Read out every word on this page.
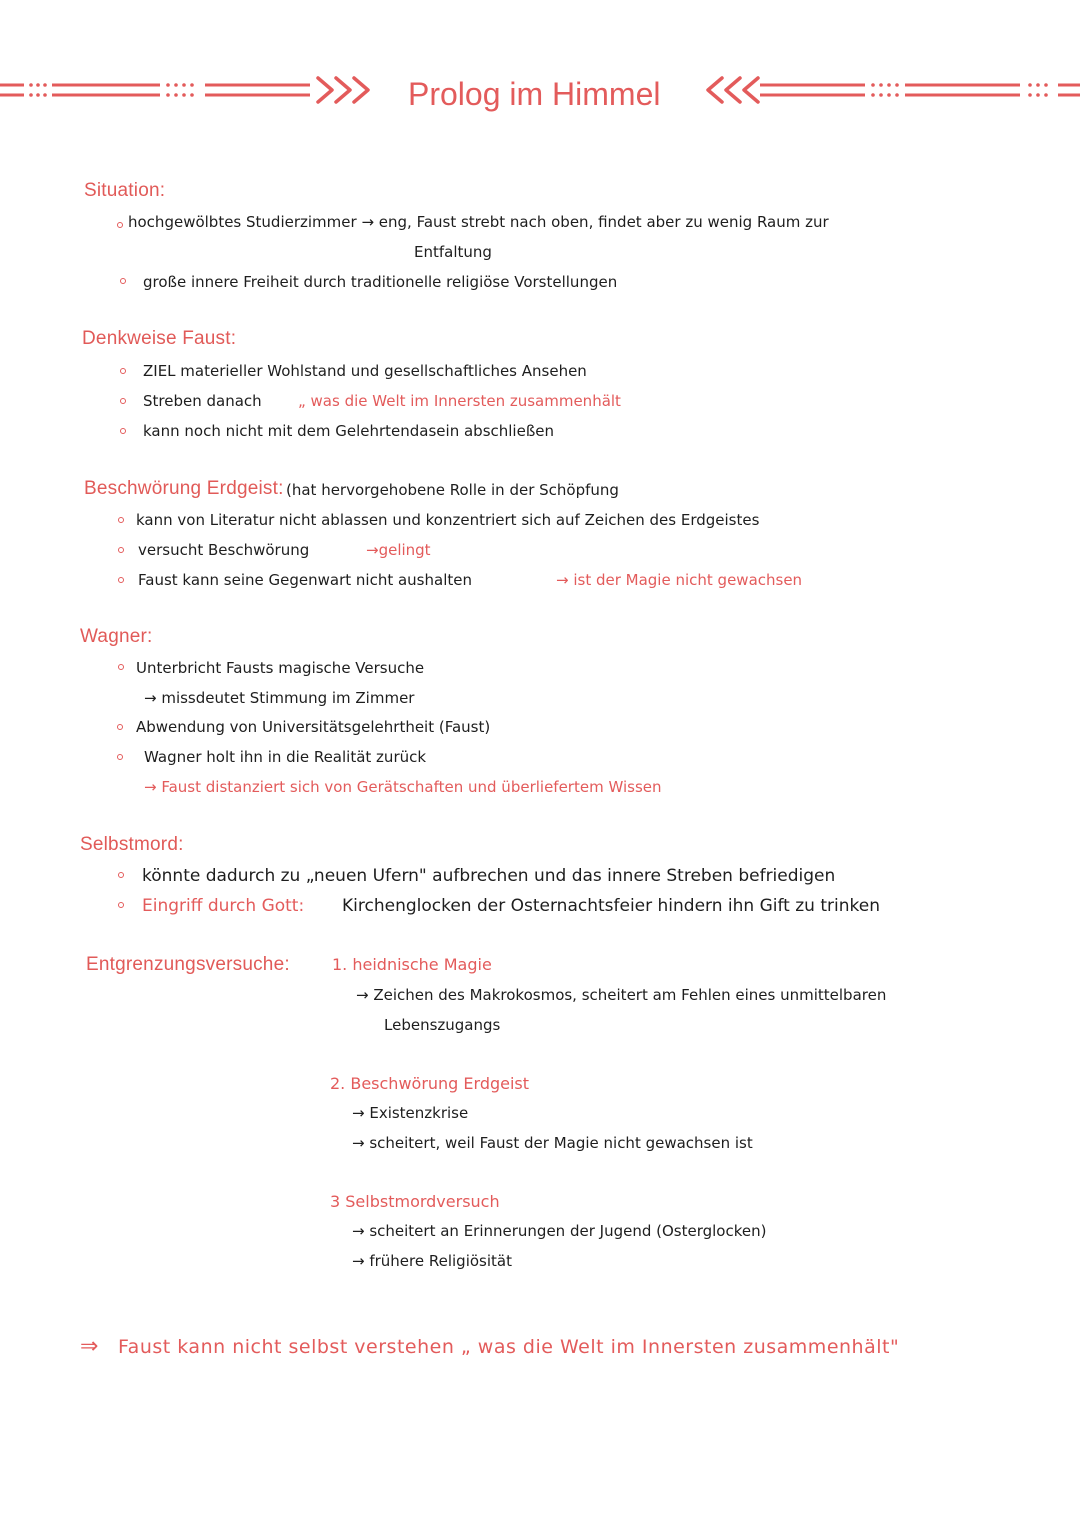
Prolog im Himmel
Situation:
hochgewölbtes Studierzimmer → eng, Faust strebt nach oben, findet aber zu wenig Raum zur
Entfaltung
große innere Freiheit durch traditionelle religiöse Vorstellungen
Denkweise Faust:
ZIEL materieller Wohlstand und gesellschaftliches Ansehen
Streben danach „ was die Welt im Innersten zusammenhält
kann noch nicht mit dem Gelehrtendasein abschließen
Beschwörung Erdgeist: (hat hervorgehobene Rolle in der Schöpfung
kann von Literatur nicht ablassen und konzentriert sich auf Zeichen des Erdgeistes
versucht Beschwörung	→gelingt
Faust kann seine Gegenwart nicht aushalten	→ ist der Magie nicht gewachsen
Wagner:
Unterbricht Fausts magische Versuche
→ missdeutet Stimmung im Zimmer
Abwendung von Universitätsgelehrtheit (Faust)
Wagner holt ihn in die Realität zurück
→ Faust distanziert sich von Gerätschaften und überliefertem Wissen
Selbstmord:
könnte dadurch zu „neuen Ufern" aufbrechen und das innere Streben befriedigen
Eingriff durch Gott: Kirchenglocken der Osternachtsfeier hindern ihn Gift zu trinken
Entgrenzungsversuche:	1. heidnische Magie
→ Zeichen des Makrokosmos, scheitert am Fehlen eines unmittelbaren
Lebenszugangs
2. Beschwörung Erdgeist
→ Existenzkrise
→ scheitert, weil Faust der Magie nicht gewachsen ist
3 Selbstmordversuch
→ scheitert an Erinnerungen der Jugend (Osterglocken)
→ frühere Religiösität
⇒ Faust kann nicht selbst verstehen „ was die Welt im Innersten zusammenhält"
